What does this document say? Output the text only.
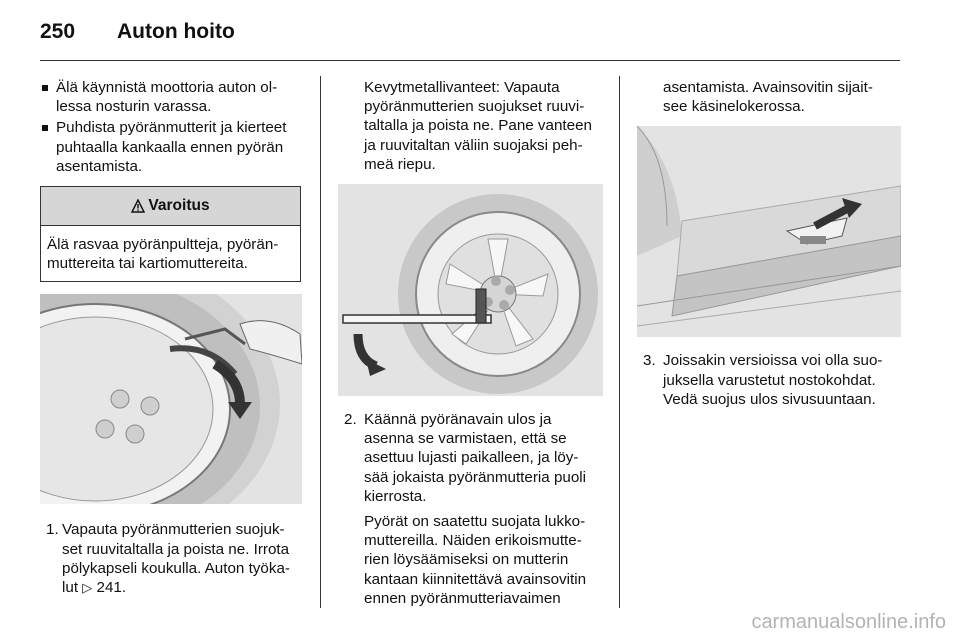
250 Auton hoito
Älä käynnistä moottoria auton ol-
lessa nosturin varassa.
Puhdista pyöränmutterit ja kierteet
puhtaalla kankaalla ennen pyörän
asentamista.
Varoitus
Älä rasvaa pyöränpultteja, pyörän-
muttereita tai kartiomuttereita.
1. Vapauta pyöränmutterien suojuk-
set ruuvitaltalla ja poista ne. Irrota
pölykapseli koukulla. Auton työka-
lut ▷ 241.

Kevytmetallivanteet: Vapauta
pyöränmutterien suojukset ruuvi-
taltalla ja poista ne. Pane vanteen
ja ruuvitaltan väliin suojaksi peh-
meä riepu.

2. Käännä pyöränavain ulos ja
asenna se varmistaen, että se
asettuu lujasti paikalleen, ja löy-
sää jokaista pyöränmutteria puoli
kierrosta.

Pyörät on saatettu suojata lukko-
muttereilla. Näiden erikoismutte-
rien löysäämiseksi on mutterin
kantaan kiinnitettävä avainsovitin
ennen pyöränmutteriavaimen

asentamista. Avainsovitin sijait-
see käsinelokerossa.

3. Joissakin versioissa voi olla suo-
juksella varustetut nostokohdat.
Vedä suojus ulos sivusuuntaan.
carmanualsonline.info
